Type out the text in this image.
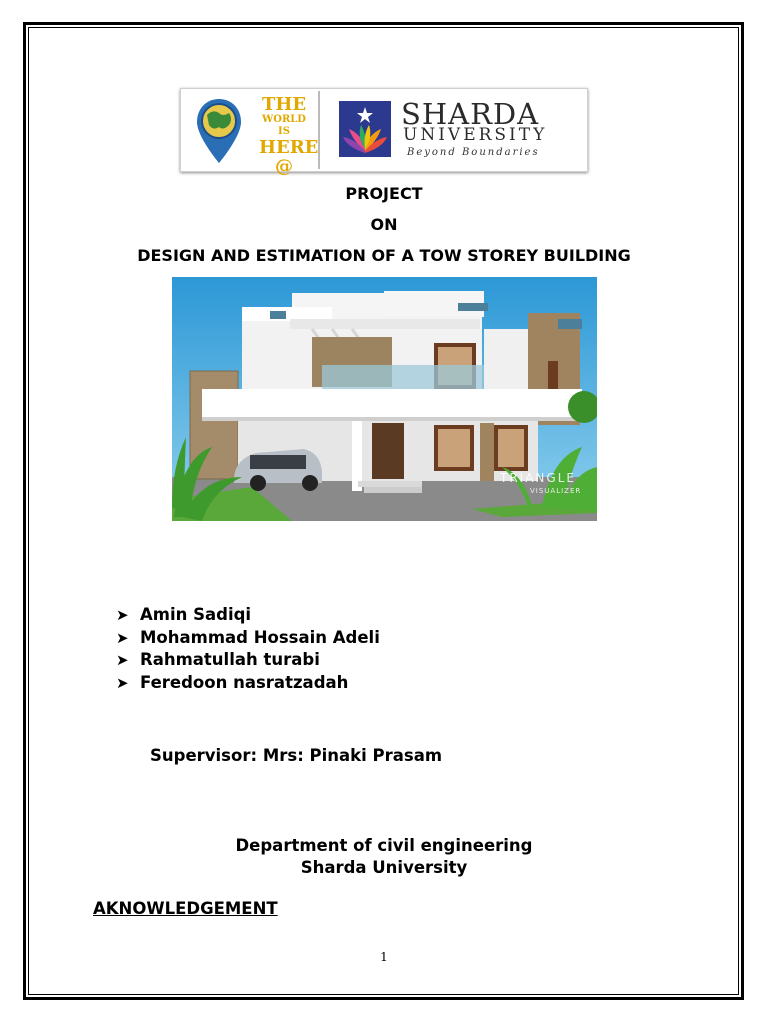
THE

WORLD IS
HERE
@
SHARDA
UNIVERSITY
Beyond Boundaries
PROJECT
ON
DESIGN AND ESTIMATION OF A TOW STOREY BUILDING
TRIANGLE
VISUALIZER
➤ Amin Sadiqi
➤ Mohammad Hossain Adeli
➤ Rahmatullah turabi
➤ Feredoon nasratzadah
Supervisor: Mrs: Pinaki Prasam
Department of civil engineering
Sharda University
AKNOWLEDGEMENT
1
